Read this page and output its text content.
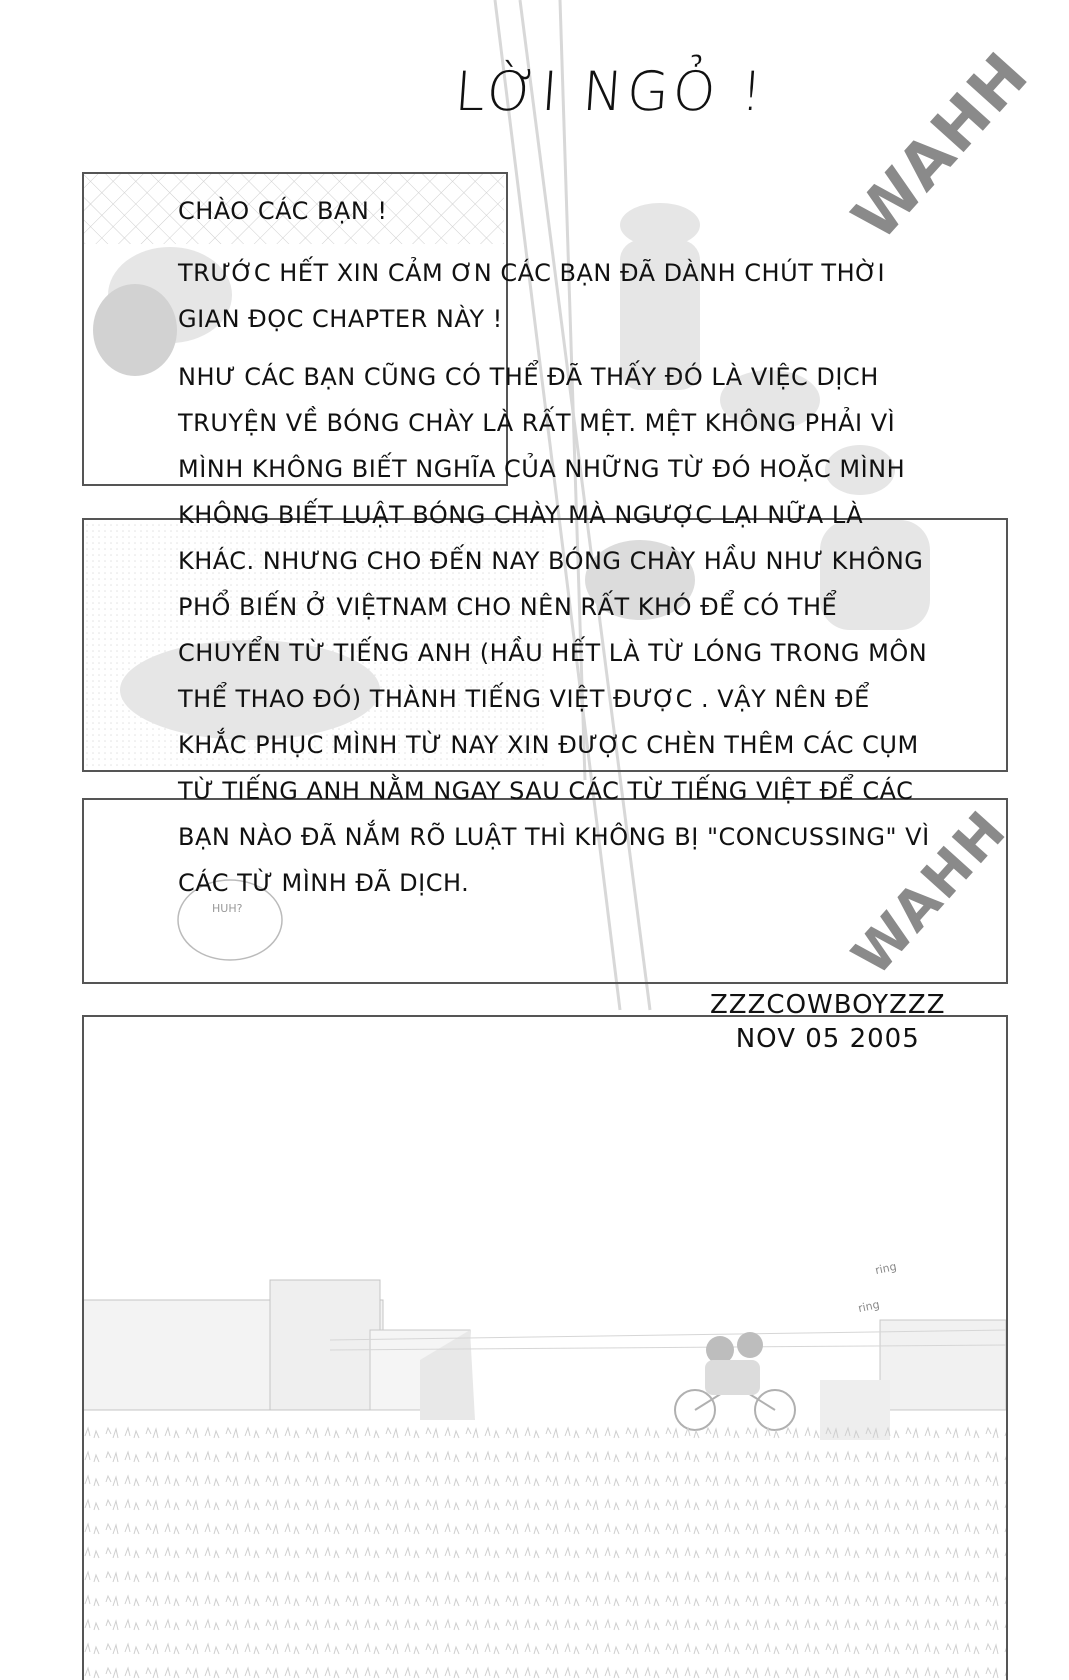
LỜI NGỎ !

CHÀO CÁC BẠN !

TRƯỚC HẾT XIN CẢM ƠN CÁC BẠN ĐÃ DÀNH CHÚT THỜI GIAN ĐỌC CHAPTER NÀY !

NHƯ CÁC BẠN CŨNG CÓ THỂ ĐÃ THẤY ĐÓ LÀ VIỆC DỊCH TRUYỆN VỀ BÓNG CHÀY LÀ RẤT MỆT. MỆT KHÔNG PHẢI VÌ MÌNH KHÔNG BIẾT NGHĨA CỦA NHỮNG TỪ ĐÓ HOẶC MÌNH KHÔNG BIẾT LUẬT BÓNG CHÀY MÀ NGƯỢC LẠI NỮA LÀ KHÁC. NHƯNG CHO ĐẾN NAY BÓNG CHÀY HẦU NHƯ KHÔNG PHỔ BIẾN Ở VIỆTNAM CHO NÊN RẤT KHÓ ĐỂ CÓ THỂ CHUYỂN TỪ TIẾNG ANH (HẦU HẾT LÀ TỪ LÓNG TRONG MÔN THỂ THAO ĐÓ) THÀNH TIẾNG VIỆT ĐƯỢC . VẬY NÊN ĐỂ KHẮC PHỤC MÌNH TỪ NAY XIN ĐƯỢC CHÈN THÊM CÁC CỤM TỪ TIẾNG ANH NẰM NGAY SAU CÁC TỪ TIẾNG VIỆT ĐỂ CÁC BẠN NÀO ĐÃ NẮM RÕ LUẬT THÌ KHÔNG BỊ "CONCUSSING" VÌ CÁC TỪ MÌNH ĐÃ DỊCH.

ZZZCOWBOYZZZ
NOV 05 2005
WAHH
WAHH
HUH?
ring
ring
